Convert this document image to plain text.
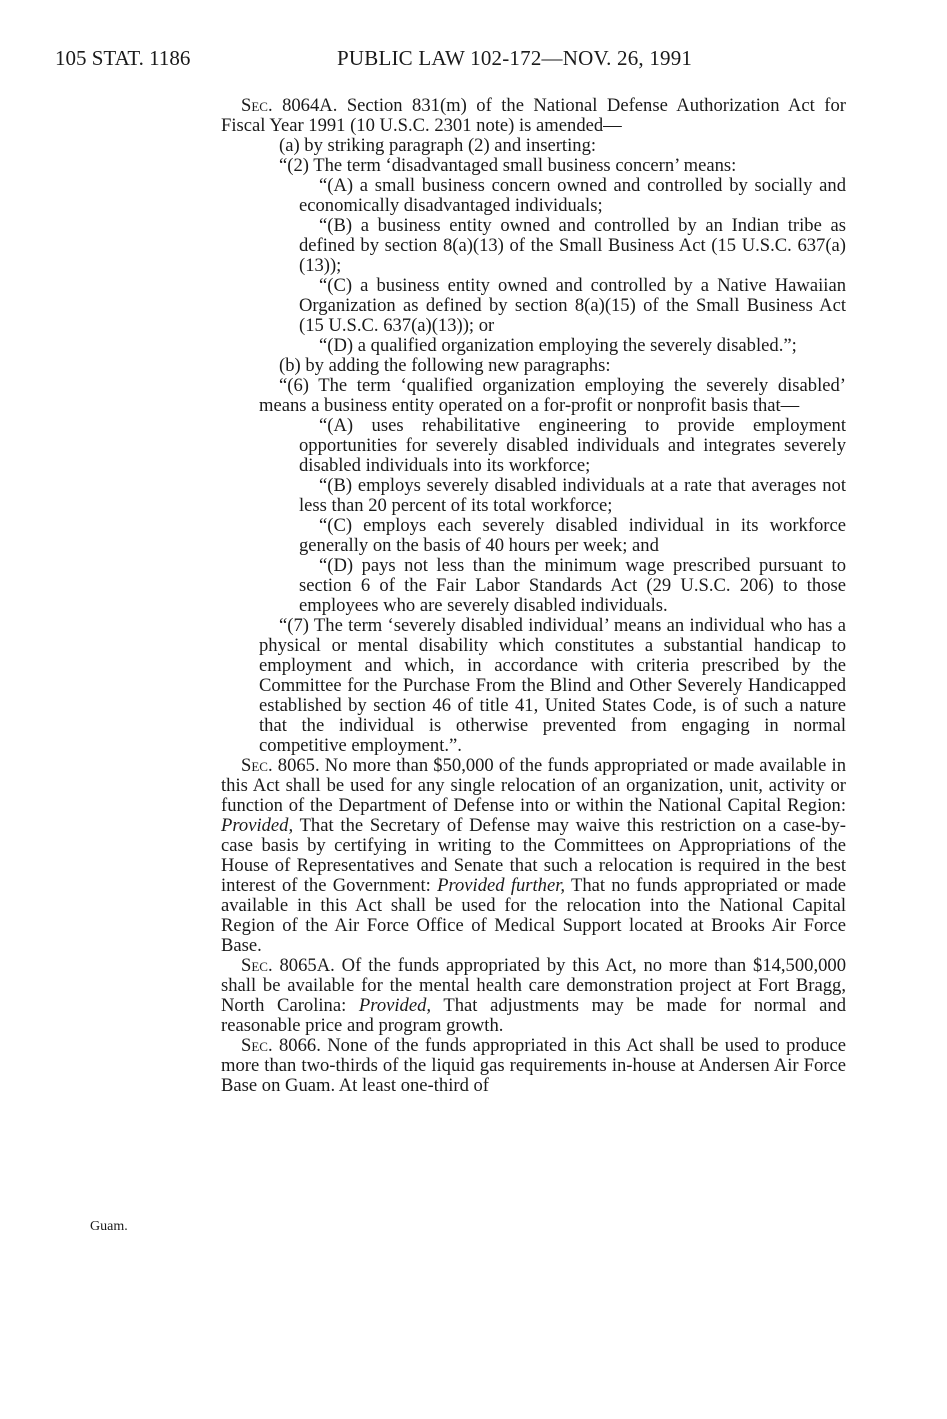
105 STAT. 1186	PUBLIC LAW 102-172—NOV. 26, 1991
Guam.

Sec. 8064A. Section 831(m) of the National Defense Authorization Act for Fiscal Year 1991 (10 U.S.C. 2301 note) is amended—

(a) by striking paragraph (2) and inserting:

“(2) The term ‘disadvantaged small business concern’ means:

“(A) a small business concern owned and controlled by socially and economically disadvantaged individuals;

“(B) a business entity owned and controlled by an Indian tribe as defined by section 8(a)(13) of the Small Business Act (15 U.S.C. 637(a)(13));

“(C) a business entity owned and controlled by a Native Hawaiian Organization as defined by section 8(a)(15) of the Small Business Act (15 U.S.C. 637(a)(13)); or

“(D) a qualified organization employing the severely disabled.”;

(b) by adding the following new paragraphs:

“(6) The term ‘qualified organization employing the severely disabled’ means a business entity operated on a for-profit or nonprofit basis that—

“(A) uses rehabilitative engineering to provide employment opportunities for severely disabled individuals and integrates severely disabled individuals into its workforce;

“(B) employs severely disabled individuals at a rate that averages not less than 20 percent of its total workforce;

“(C) employs each severely disabled individual in its workforce generally on the basis of 40 hours per week; and

“(D) pays not less than the minimum wage prescribed pursuant to section 6 of the Fair Labor Standards Act (29 U.S.C. 206) to those employees who are severely disabled individuals.

“(7) The term ‘severely disabled individual’ means an individual who has a physical or mental disability which constitutes a substantial handicap to employment and which, in accordance with criteria prescribed by the Committee for the Purchase From the Blind and Other Severely Handicapped established by section 46 of title 41, United States Code, is of such a nature that the individual is otherwise prevented from engaging in normal competitive employment.”.

Sec. 8065. No more than $50,000 of the funds appropriated or made available in this Act shall be used for any single relocation of an organization, unit, activity or function of the Department of Defense into or within the National Capital Region: Provided, That the Secretary of Defense may waive this restriction on a case-by-case basis by certifying in writing to the Committees on Appropriations of the House of Representatives and Senate that such a relocation is required in the best interest of the Government: Provided further, That no funds appropriated or made available in this Act shall be used for the relocation into the National Capital Region of the Air Force Office of Medical Support located at Brooks Air Force Base.

Sec. 8065A. Of the funds appropriated by this Act, no more than $14,500,000 shall be available for the mental health care demonstration project at Fort Bragg, North Carolina: Provided, That adjustments may be made for normal and reasonable price and program growth.

Sec. 8066. None of the funds appropriated in this Act shall be used to produce more than two-thirds of the liquid gas requirements in-house at Andersen Air Force Base on Guam. At least one-third of
